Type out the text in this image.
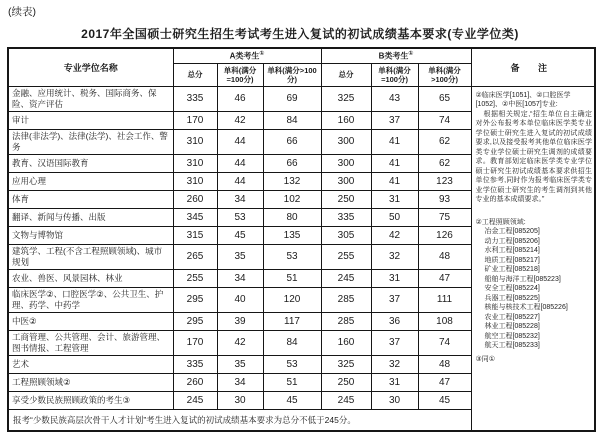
(续表)
2017年全国硕士研究生招生考试考生进入复试的初试成绩基本要求(专业学位类)
专业学位名称	A类考生①			B类考生①			备 注
	总分	单科(满分=100分)	单科(满分>100分)	总分	单科(满分=100分)	单科(满分>100分)	
金融、应用统计、税务、国际商务、保险、资产评估	335	46	69	325	43	65	②临床医学[1051]、②口腔医学[1052]、②中医[1057]专业:
根据相关规定,“招生单位自主确定对外公布报考本单位临床医学类专业学位硕士研究生进入复试的初试成绩要求,以及接受报考其他单位临床医学类专业学位硕士研究生调剂的成绩要求。教育部划定临床医学类专业学位硕士研究生初试成绩基本要求供招生单位参考,同时作为报考临床医学类专业学位硕士研究生的考生调剂到其他专业的基本成绩要求。”
②工程照顾领域:
冶金工程[085205]
动力工程[085206]
水利工程[085214]
地质工程[085217]
矿业工程[085218]
船舶与海洋工程[085223]
安全工程[085224]
兵器工程[085225]
核能与核技术工程[085226]
农业工程[085227]
林业工程[085228]
航空工程[085232]
航天工程[085233]
③同①

审计	170	42	84	160	37	74	
法律(非法学)、法律(法学)、社会工作、警务	310	44	66	300	41	62	
教育、汉语国际教育	310	44	66	300	41	62	
应用心理	310	44	132	300	41	123	
体育	260	34	102	250	31	93	
翻译、新闻与传播、出版	345	53	80	335	50	75	
文物与博物馆	315	45	135	305	42	126	
建筑学、工程(不含工程照顾领域)、城市规划	265	35	53	255	32	48	
农业、兽医、风景园林、林业	255	34	51	245	31	47	
临床医学②、口腔医学②、公共卫生、护理、药学、中药学	295	40	120	285	37	111	
中医②	295	39	117	285	36	108	
工商管理、公共管理、会计、旅游管理、图书情报、工程管理	170	42	84	160	37	74	
艺术	335	35	53	325	32	48	
工程照顾领域②	260	34	51	250	31	47	
享受少数民族照顾政策的考生③	245	30	45	245	30	45	
报考“少数民族高层次骨干人才计划”考生进入复试的初试成绩基本要求为总分不低于245分。							
